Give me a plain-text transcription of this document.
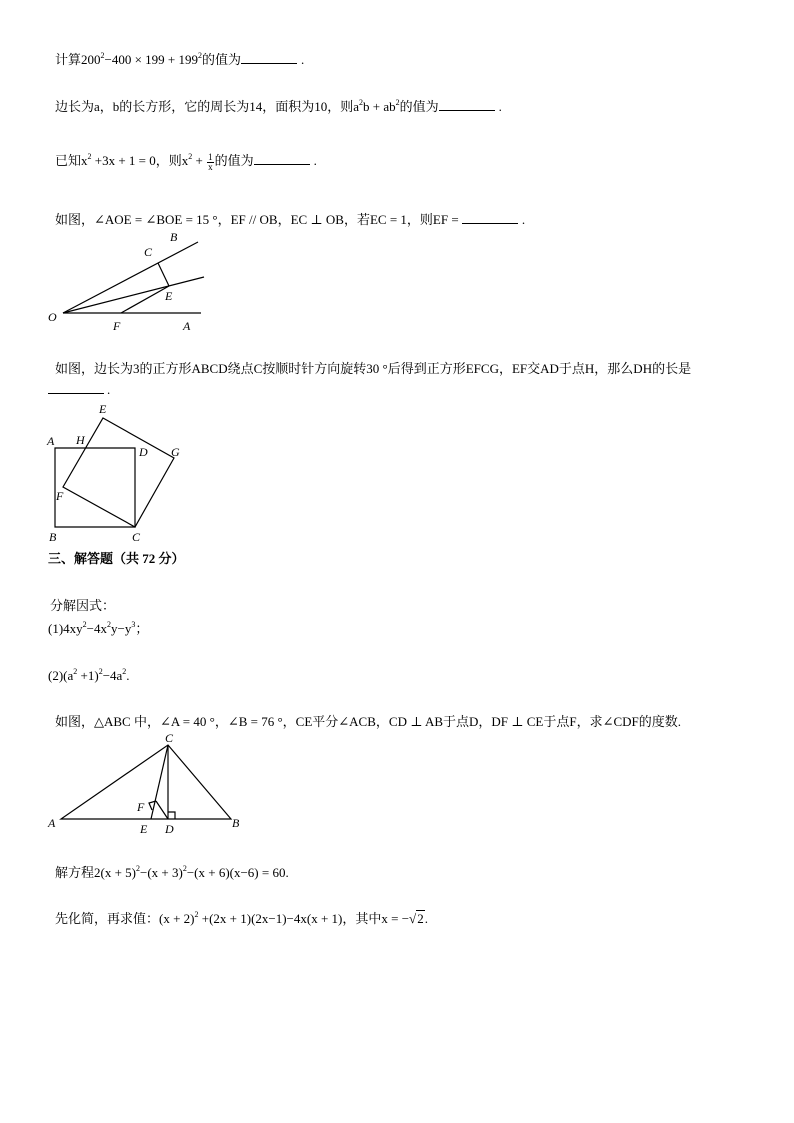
计算$200^2-400 \times 199 + 199^2$的值为	.
边长为a，b的长方形，它的周长为14，面积为10，则$a^2b + ab^2$的值为	.
已知$x^2 +3x + 1 = 0$，则$x^2 + \frac{1}{x}$ 的值为	.
如图，∠AOE = ∠BOE = 15 °，EF // OB，EC ⊥ OB，若EC = 1，则EF =	.
O
F	A
C
B
E
A H
E
D G
F
B	C
C
F
A	E D	B
如图，边长为3的正方形ABCD绕点C按顺时针方向旋转30 °后得到正方形EFCG，EF交AD于点H，那么DH的长是
.
三、解答题（共 72 分）
分解因式：
$(1)4xy^2-4x^2y-y^3$；
$(2)(a^2 +1)^2-4a^2$.
如图，△ABC 中，∠A = 40 °，∠B = 76 °，CE平分∠ACB，CD ⊥ AB于点D，DF ⊥ CE于点F，求∠CDF的度数.
解方程$2(x + 5)^2-(x + 3)^2-(x + 6)(x-6) = 60$.
先化简，再求值：$(x + 2)^2 +(2x + 1)(2x-1)-4x(x + 1)$，其中x = −√2.
